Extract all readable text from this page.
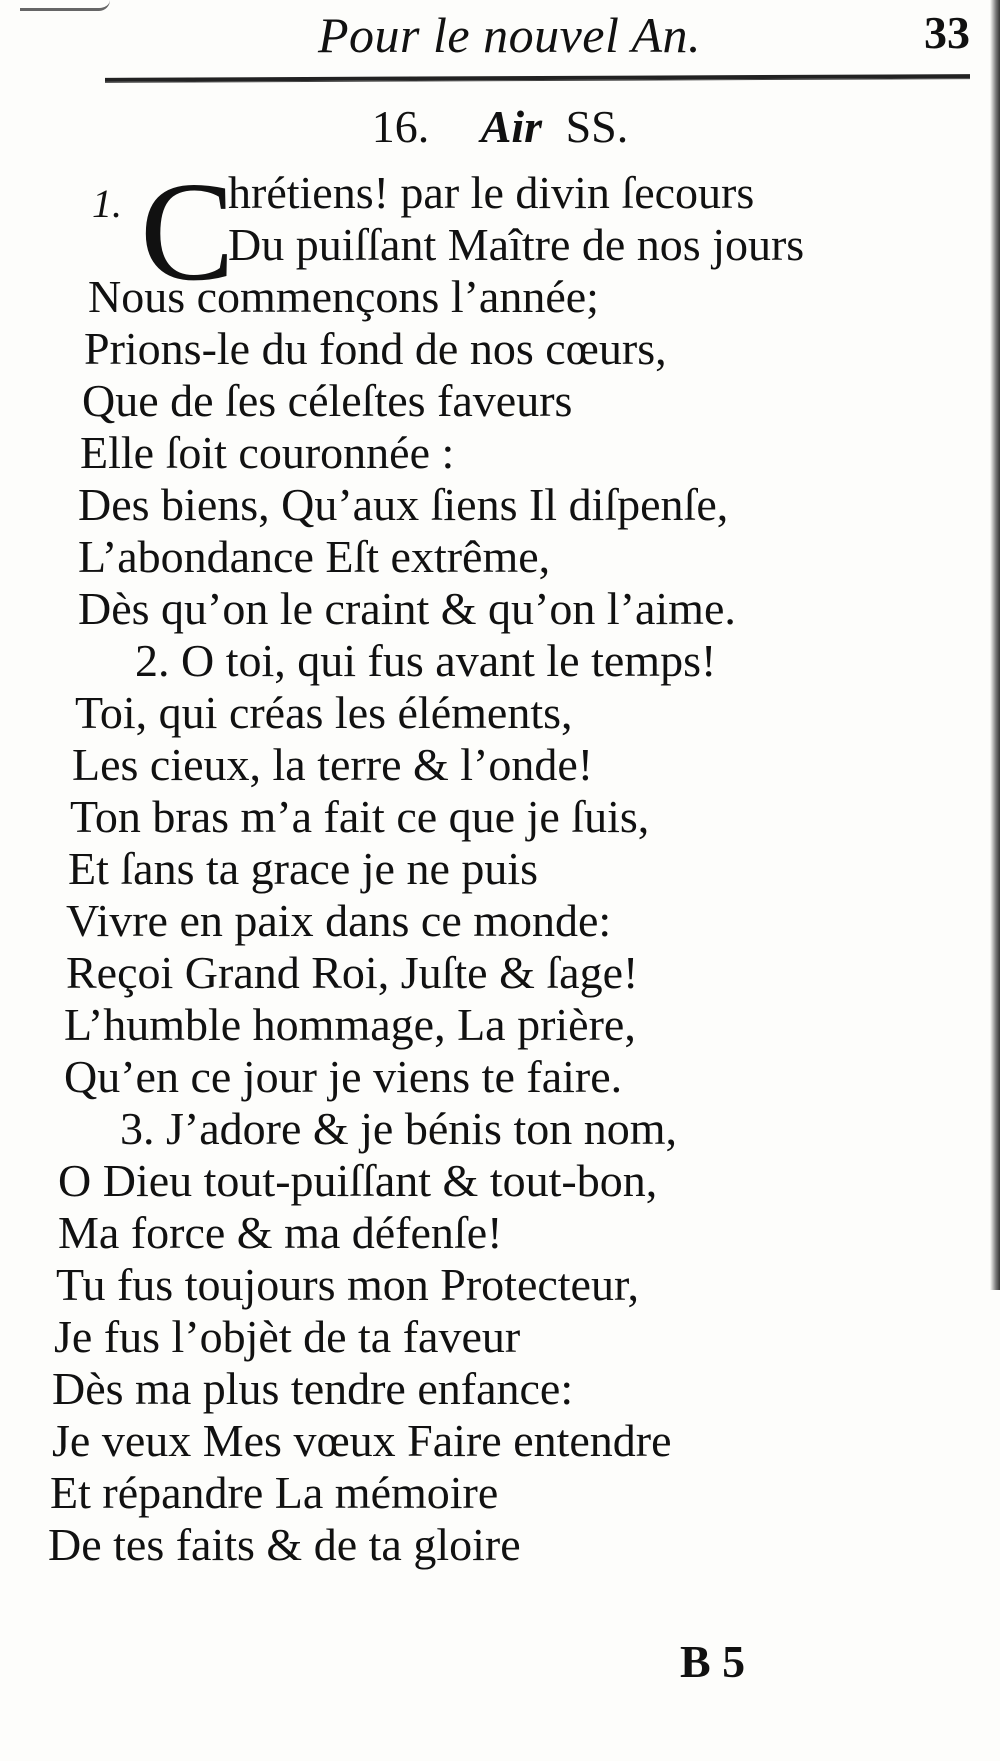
Pour le nouvel An.	33
16. Air SS.
1. C
hrétiens! par le divin ſecours
Du puiſſant Maître de nos jours
Nous commençons l’année;
Prions-le du fond de nos cœurs,
Que de ſes céleſtes faveurs
Elle ſoit couronnée :
Des biens, Qu’aux ſiens Il diſpenſe,
L’abondance Eſt extrême,
Dès qu’on le craint & qu’on l’aime.
2. O toi, qui fus avant le temps!
Toi, qui créas les éléments,
Les cieux, la terre & l’onde!
Ton bras m’a fait ce que je ſuis,
Et ſans ta grace je ne puis
Vivre en paix dans ce monde:
Reçoi Grand Roi, Juſte & ſage!
L’humble hommage, La prière,
Qu’en ce jour je viens te faire.
3. J’adore & je bénis ton nom,
O Dieu tout-puiſſant & tout-bon,
Ma force & ma défenſe!
Tu fus toujours mon Protecteur,
Je fus l’objèt de ta faveur
Dès ma plus tendre enfance:
Je veux Mes vœux Faire entendre
Et répandre La mémoire
De tes faits & de ta gloire
B 5
